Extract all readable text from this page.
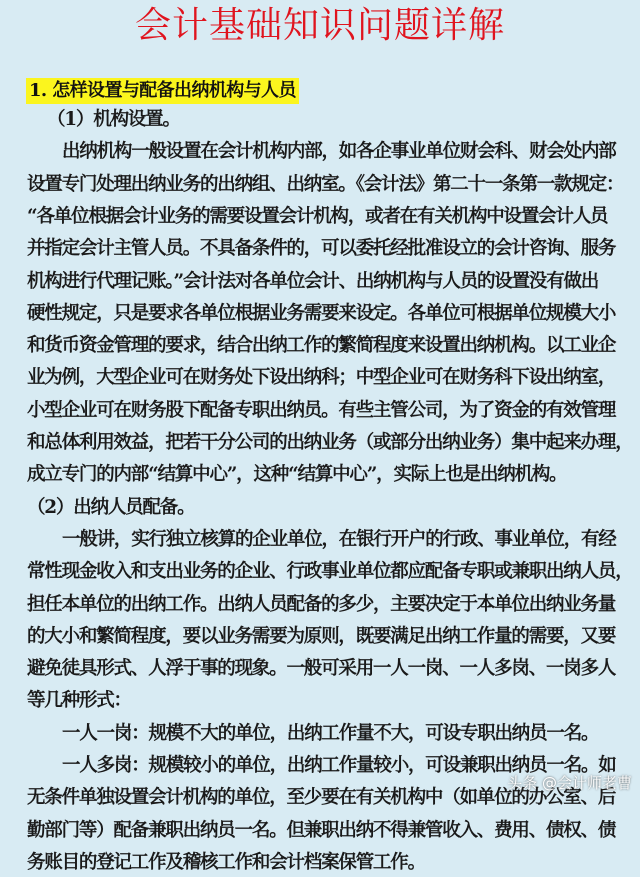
会计基础知识问题详解
1. 怎样设置与配备出纳机构与人员
（1）机构设置。
出纳机构一般设置在会计机构内部，如各企事业单位财会科、财会处内部
设置专门处理出纳业务的出纳组、出纳室。《会计法》第二十一条第一款规定：
“各单位根据会计业务的需要设置会计机构，或者在有关机构中设置会计人员
并指定会计主管人员。不具备条件的，可以委托经批准设立的会计咨询、服务
机构进行代理记账。”会计法对各单位会计、出纳机构与人员的设置没有做出
硬性规定，只是要求各单位根据业务需要来设定。各单位可根据单位规模大小
和货币资金管理的要求，结合出纳工作的繁简程度来设置出纳机构。以工业企
业为例，大型企业可在财务处下设出纳科；中型企业可在财务科下设出纳室，
小型企业可在财务股下配备专职出纳员。有些主管公司，为了资金的有效管理
和总体利用效益，把若干分公司的出纳业务（或部分出纳业务）集中起来办理，
成立专门的内部“结算中心”，这种“结算中心”，实际上也是出纳机构。
（2）出纳人员配备。
一般讲，实行独立核算的企业单位，在银行开户的行政、事业单位，有经
常性现金收入和支出业务的企业、行政事业单位都应配备专职或兼职出纳人员，
担任本单位的出纳工作。出纳人员配备的多少，主要决定于本单位出纳业务量
的大小和繁简程度，要以业务需要为原则，既要满足出纳工作量的需要，又要
避免徒具形式、人浮于事的现象。一般可采用一人一岗、一人多岗、一岗多人
等几种形式：
一人一岗：规模不大的单位，出纳工作量不大，可设专职出纳员一名。
一人多岗：规模较小的单位，出纳工作量较小，可设兼职出纳员一名。如
无条件单独设置会计机构的单位，至少要在有关机构中（如单位的办公室、后
勤部门等）配备兼职出纳员一名。但兼职出纳不得兼管收入、费用、债权、债
务账目的登记工作及稽核工作和会计档案保管工作。
头条 @会计师老曹
